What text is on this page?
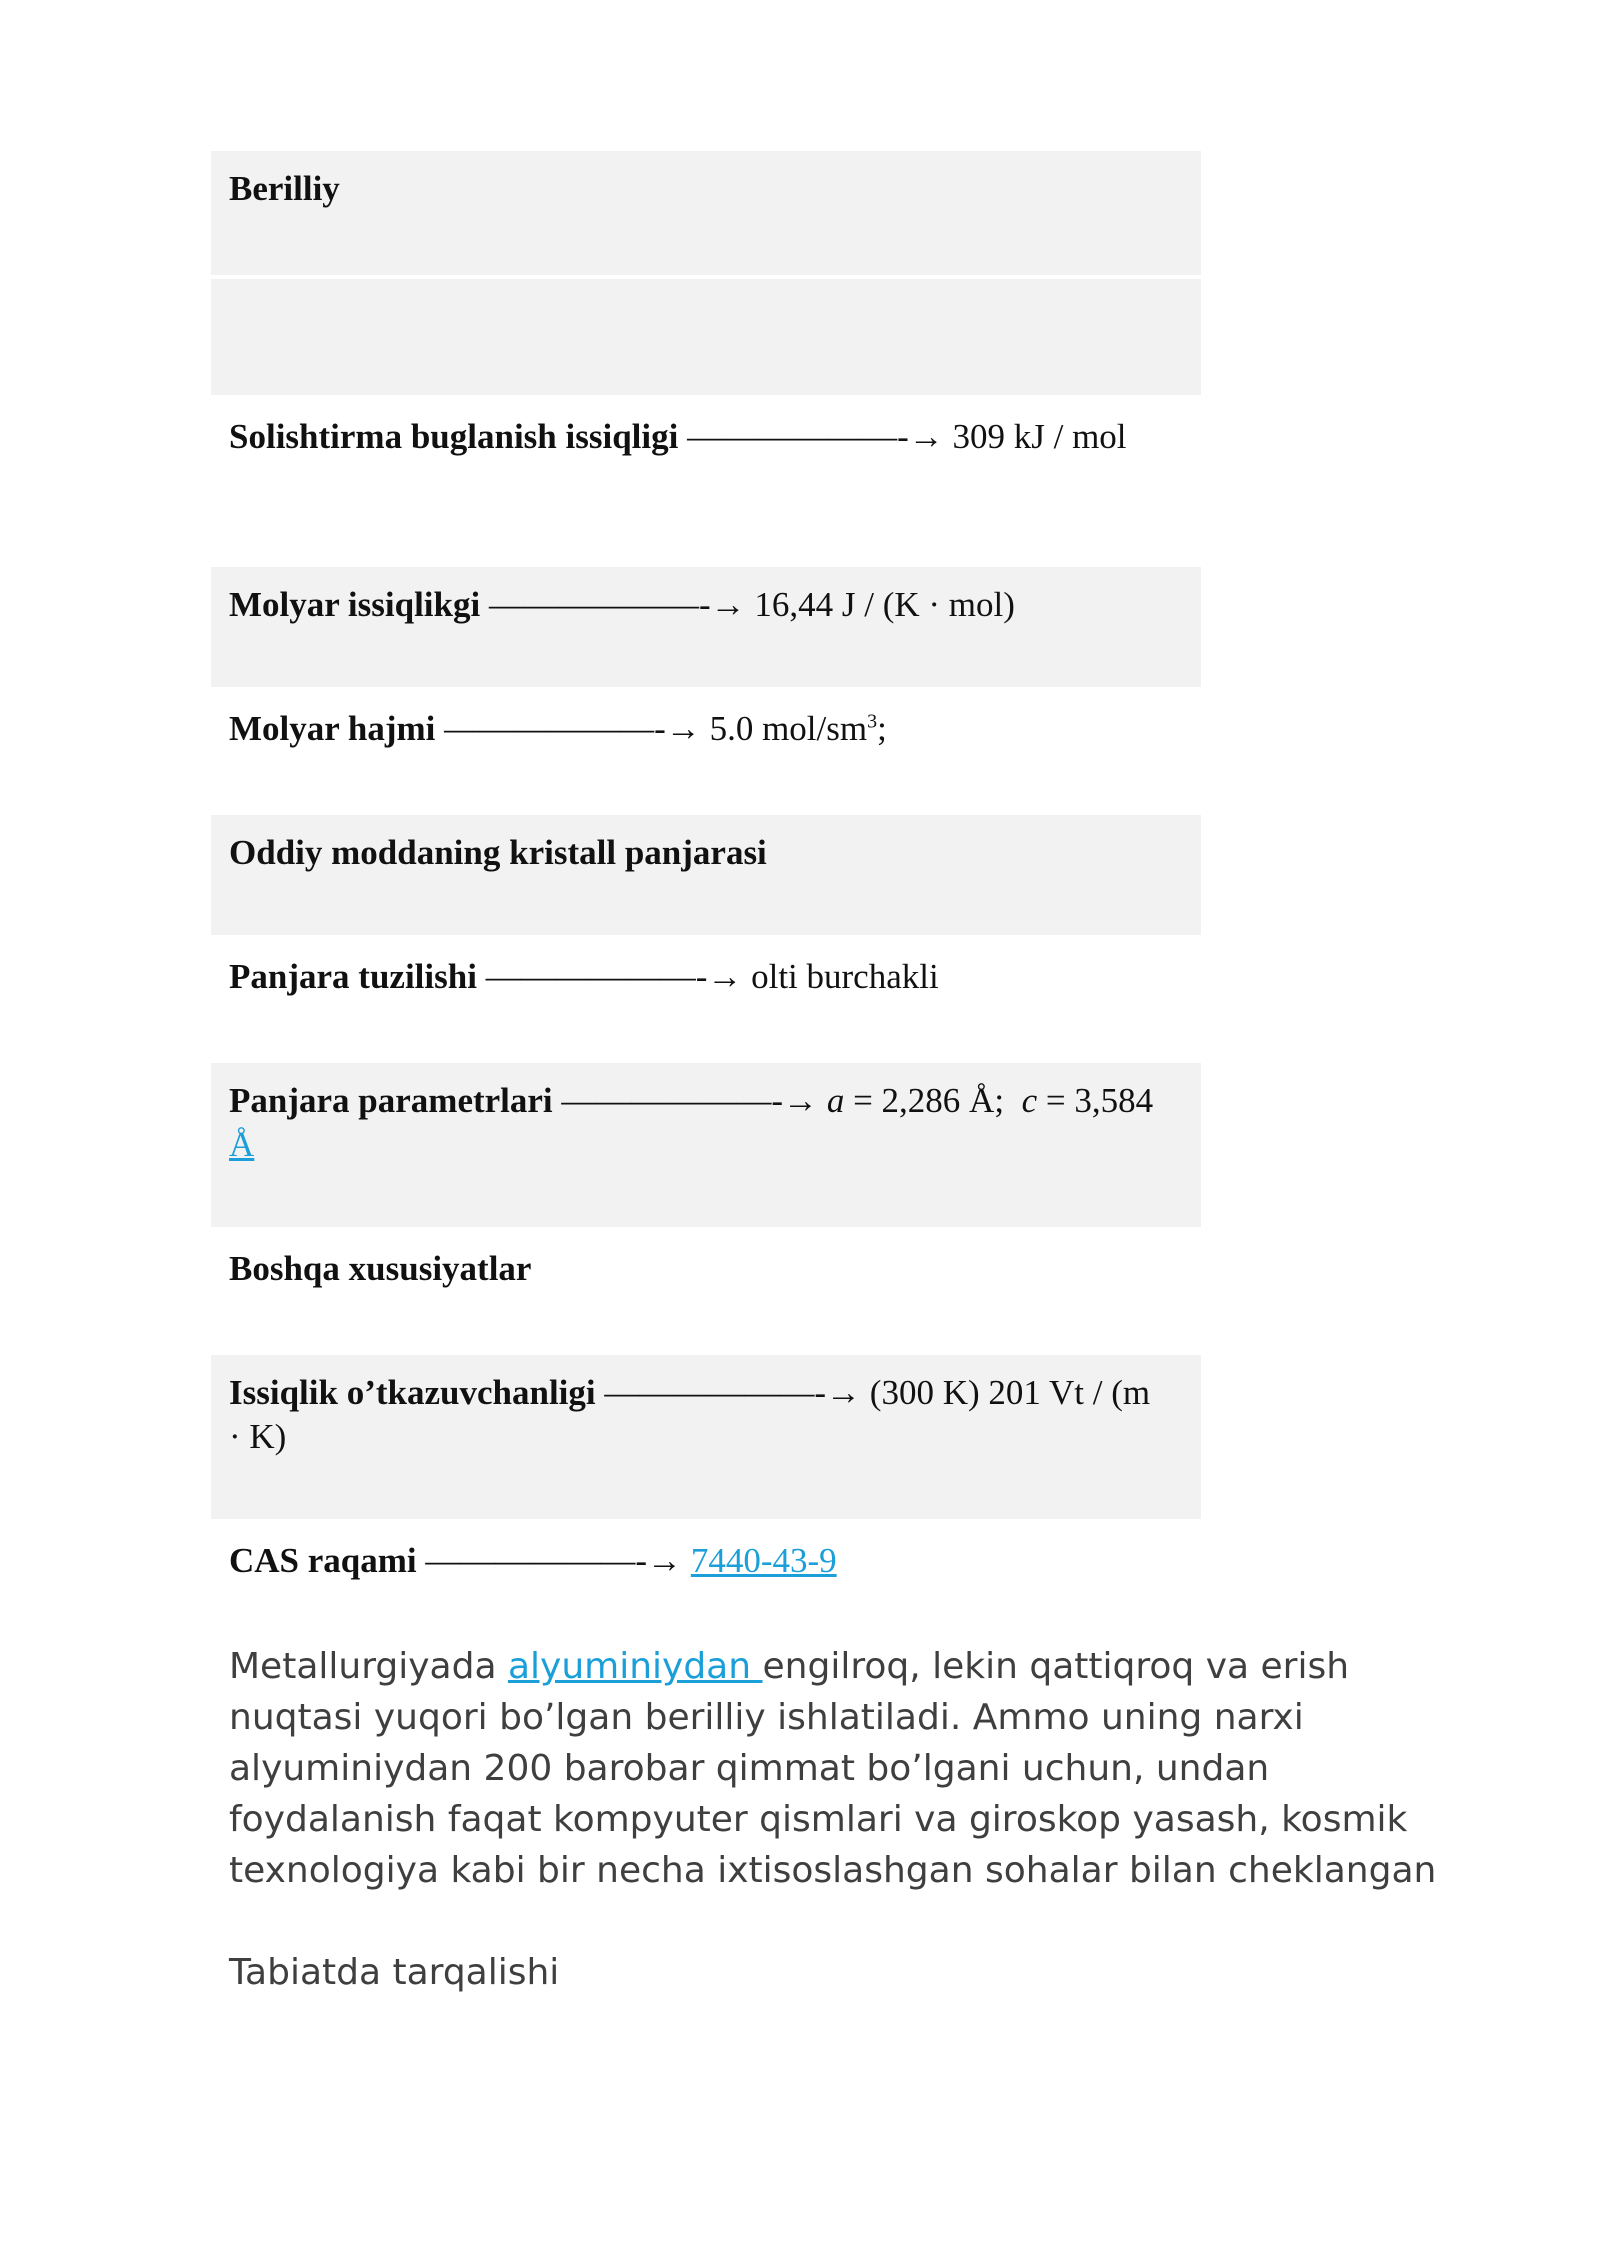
Berilliy
Solishtirma buglanish issiqligi ——————-→ 309 kJ / mol
Molyar issiqlikgi ——————-→ 16,44 J / (K · mol)
Molyar hajmi ——————-→ 5.0 mol/$sm^3$;
Oddiy moddaning kristall panjarasi
Panjara tuzilishi ——————-→ olti burchakli
Panjara parametrlari ——————-→ a = 2,286 Å; c = 3,584 Å
Boshqa xususiyatlar
Issiqlik o’tkazuvchanligi ——————-→ (300 K) 201 Vt / (m · K)
CAS raqami ——————-→ 7440-43-9
Metallurgiyada alyuminiydan engilroq, lekin qattiqroq va erish nuqtasi yuqori bo’lgan berilliy ishlatiladi. Ammo uning narxi alyuminiydan 200 barobar qimmat bo’lgani uchun, undan foydalanish faqat kompyuter qismlari va giroskop yasash, kosmik texnologiya kabi bir necha ixtisoslashgan sohalar bilan cheklangan
Tabiatda tarqalishi
